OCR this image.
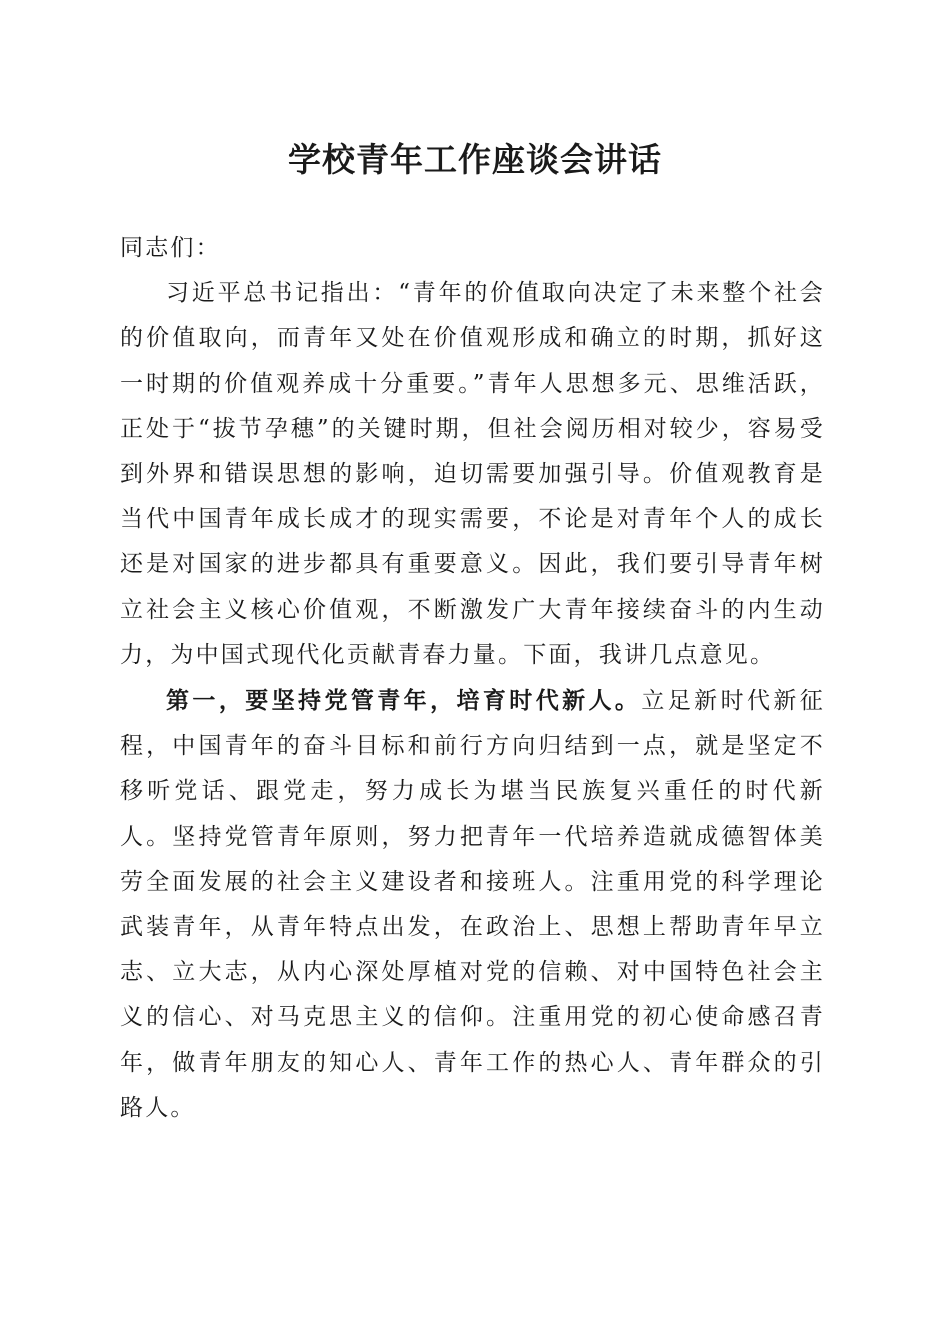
学校青年工作座谈会讲话

同志们：

习近平总书记指出：“青年的价值取向决定了未来整个社会的价值取向，而青年又处在价值观形成和确立的时期，抓好这一时期的价值观养成十分重要。”青年人思想多元、思维活跃，正处于“拔节孕穗”的关键时期，但社会阅历相对较少，容易受到外界和错误思想的影响，迫切需要加强引导。价值观教育是当代中国青年成长成才的现实需要，不论是对青年个人的成长还是对国家的进步都具有重要意义。因此，我们要引导青年树立社会主义核心价值观，不断激发广大青年接续奋斗的内生动力，为中国式现代化贡献青春力量。下面，我讲几点意见。

第一，要坚持党管青年，培育时代新人。立足新时代新征程，中国青年的奋斗目标和前行方向归结到一点，就是坚定不移听党话、跟党走，努力成长为堪当民族复兴重任的时代新人。坚持党管青年原则，努力把青年一代培养造就成德智体美劳全面发展的社会主义建设者和接班人。注重用党的科学理论武装青年，从青年特点出发，在政治上、思想上帮助青年早立志、立大志，从内心深处厚植对党的信赖、对中国特色社会主义的信心、对马克思主义的信仰。注重用党的初心使命感召青年，做青年朋友的知心人、青年工作的热心人、青年群众的引路人。
